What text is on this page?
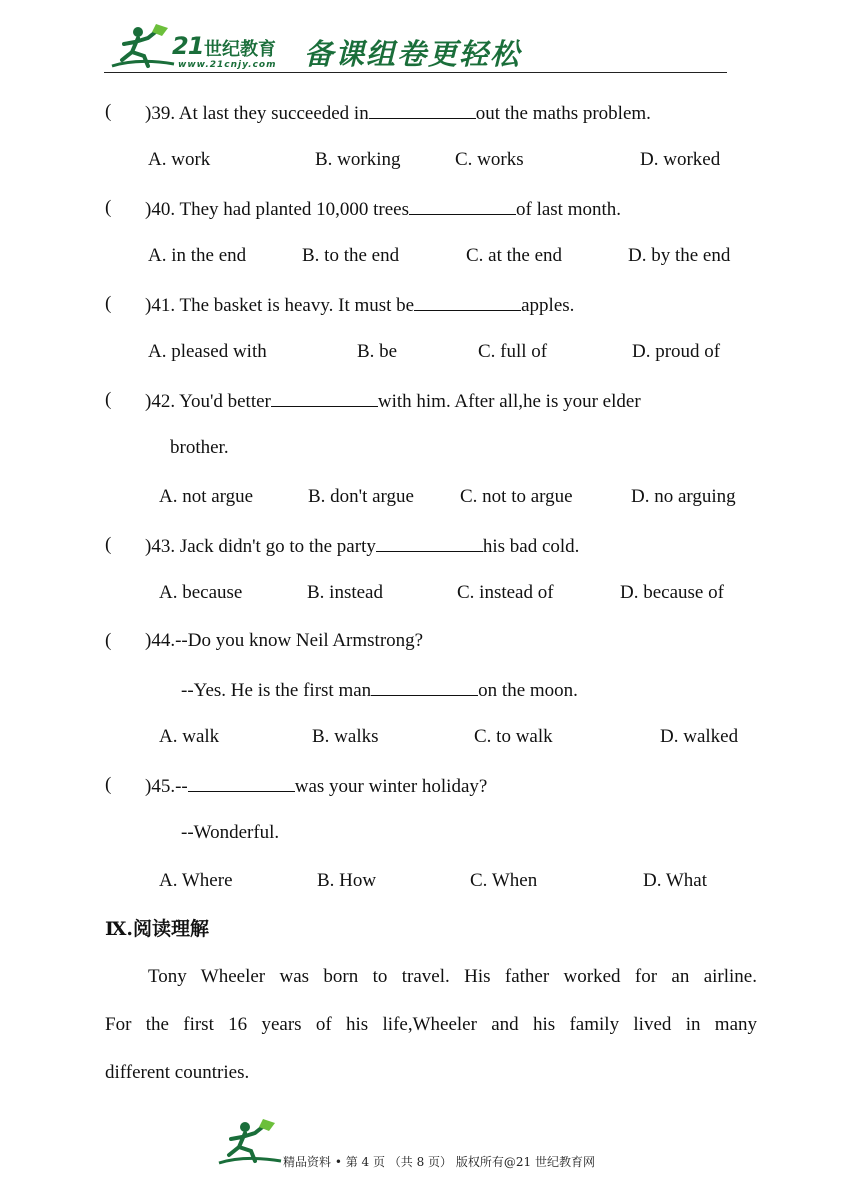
21 世纪教育
www.21cnjy.com 备课组卷更轻松
( )39. At last they succeeded in	out the maths problem.
A. work	B. working	C. works	D. worked
( )40. They had planted 10,000 trees	of last month.
A. in the end	B. to the end	C. at the end	D. by the end
( )41. The basket is heavy. It must be	apples.
A. pleased with	B. be	C. full of	D. proud of
( )42. You'd better	with him. After all,he is your elder
brother.
A. not argue	B. don't argue C. not to argue	D. no arguing
( )43. Jack didn't go to the party	his bad cold.
A. because	B. instead	C. instead of	D. because of
( )44.--Do you know Neil Armstrong?
--Yes. He is the first man	on the moon.
A. walk	B. walks	C. to walk	D. walked
( )45.--	was your winter holiday?
--Wonderful.
A. Where	B. How	C. When	D. What
Ⅸ.阅读理解
Tony Wheeler was born to travel. His father worked for an airline.
For the first 16 years of his life,Wheeler and his family lived in many
different countries.
精品资料 • 第 4 页 （共 8 页） 版权所有@21 世纪教育网
